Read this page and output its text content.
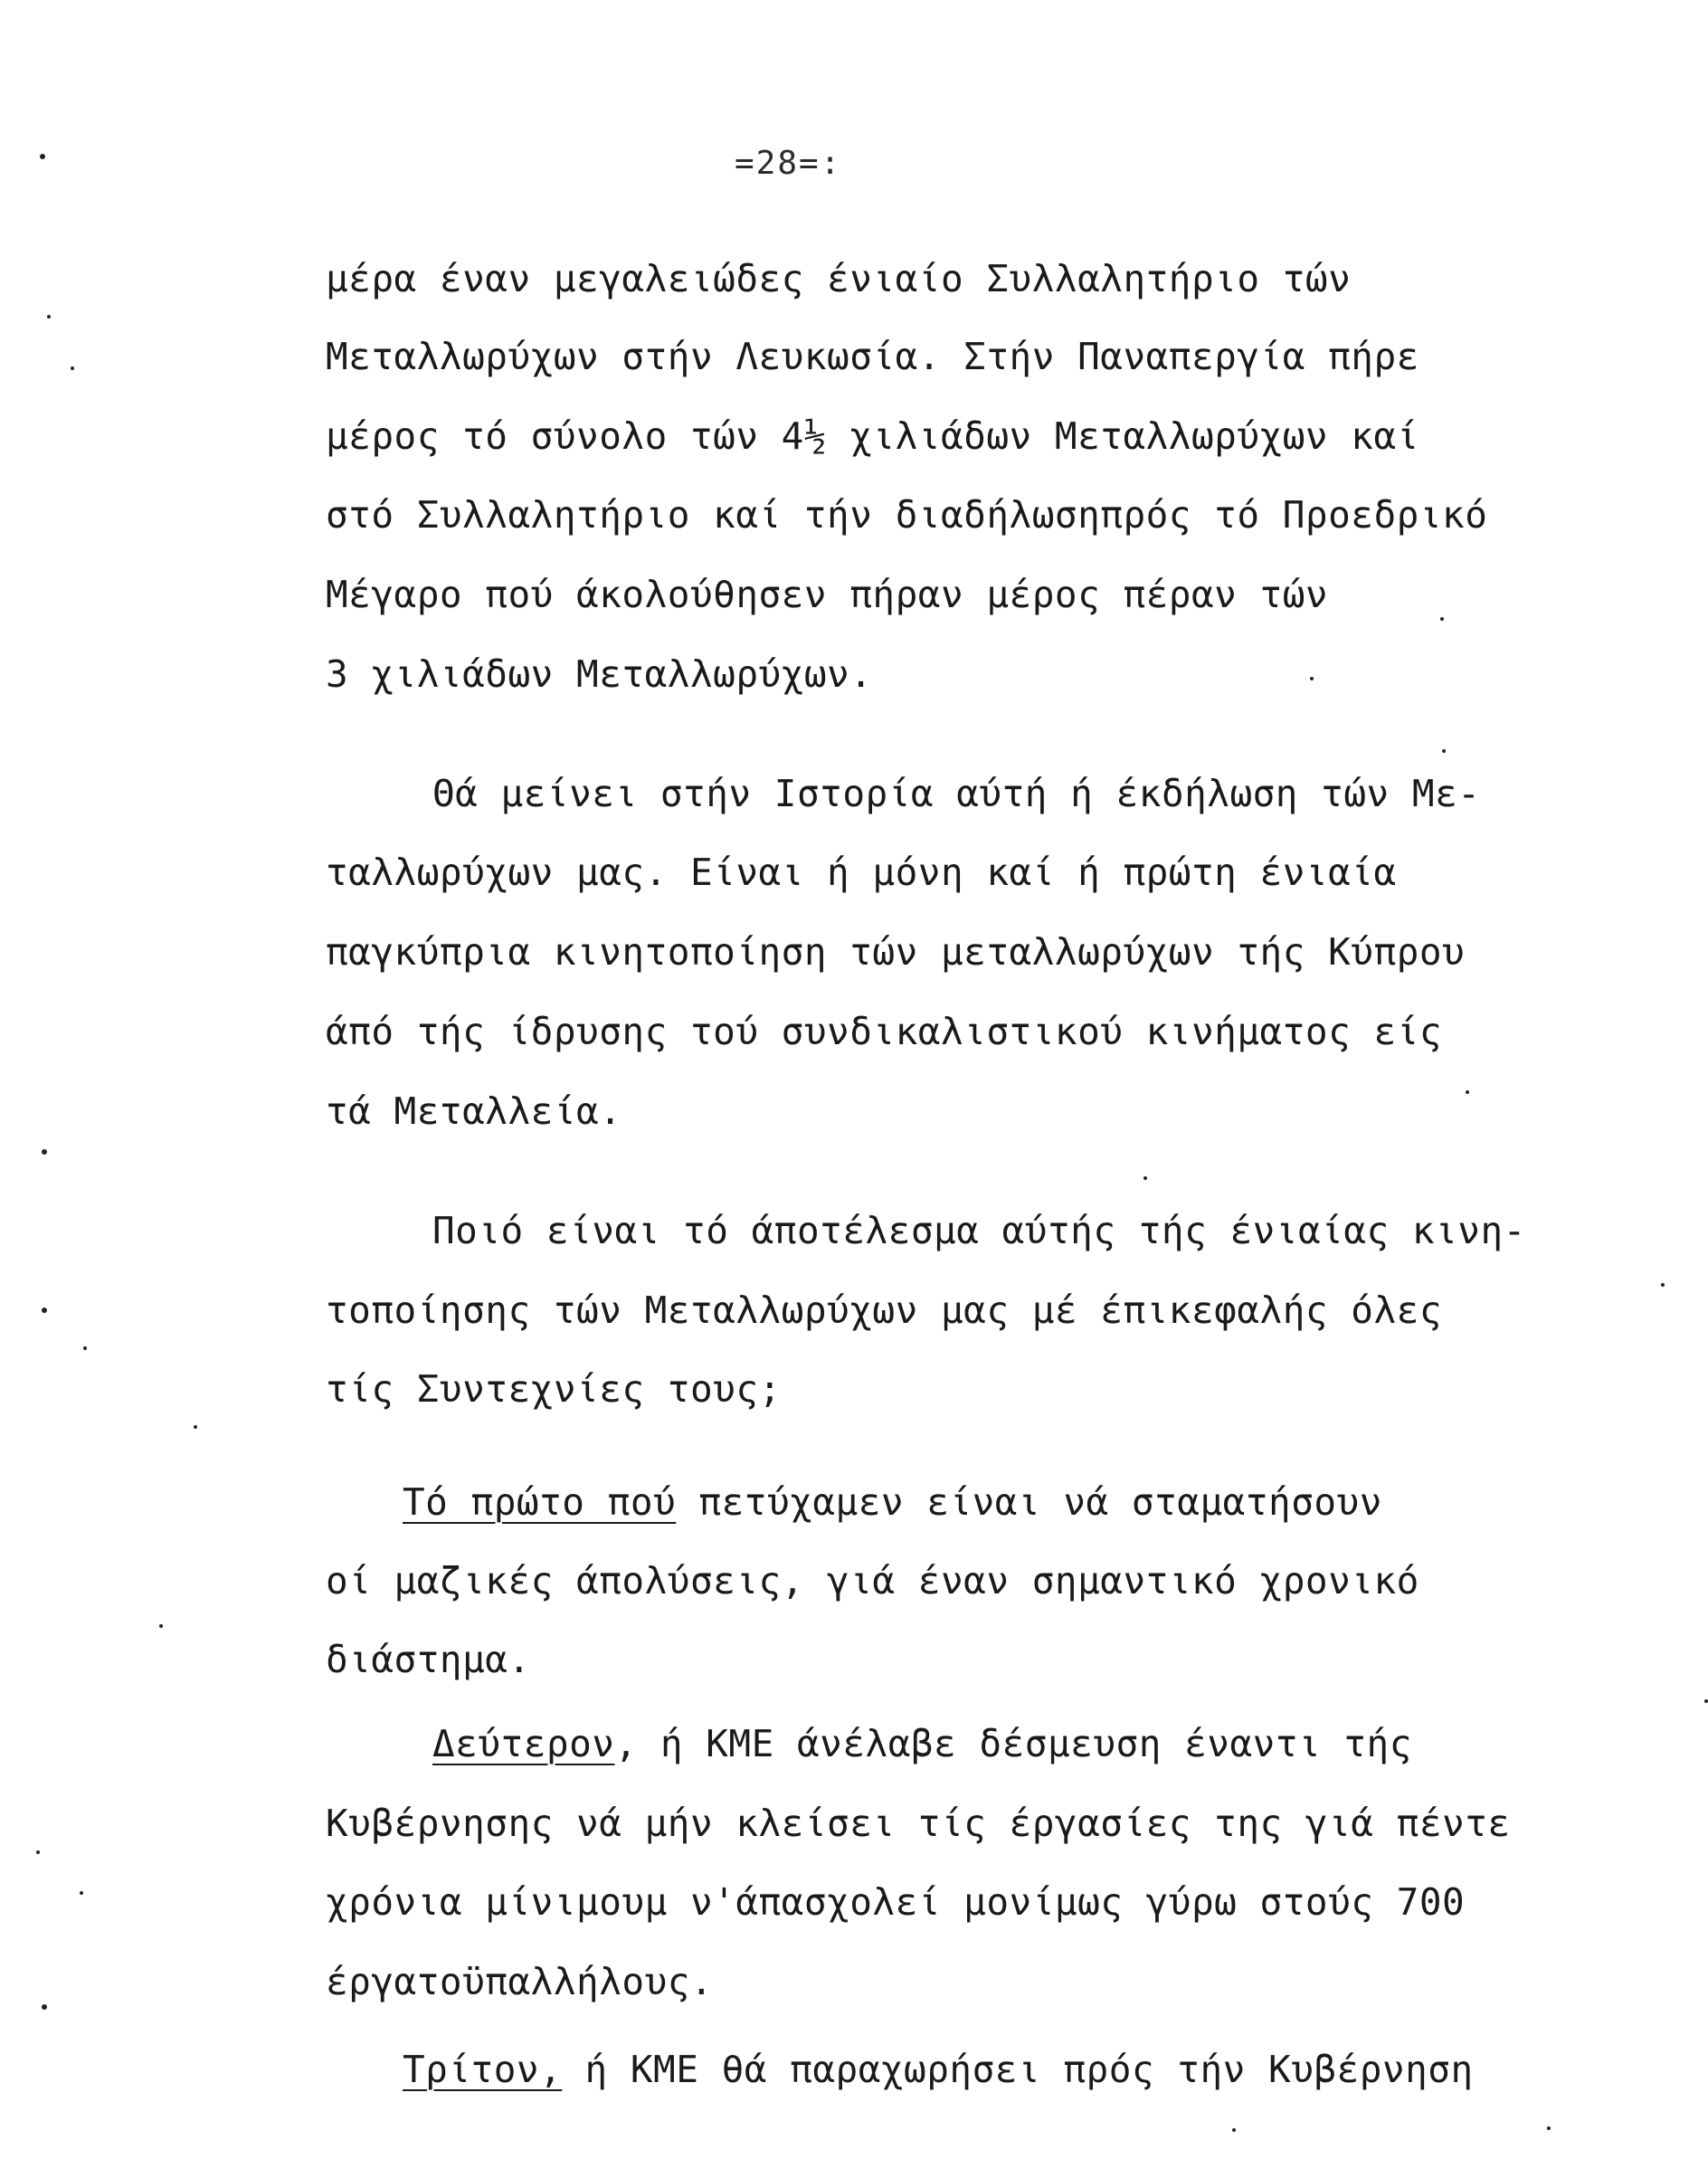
=28=:
μέρα έναν μεγαλειώδες ένιαίο Συλλαλητήριο τών
Μεταλλωρύχων στήν Λευκωσία. Στήν Παναπεργία πήρε
μέρος τό σύνολο τών 4½ χιλιάδων Μεταλλωρύχων καί
στό Συλλαλητήριο καί τήν διαδήλωσηπρός τό Προεδρικό
Μέγαρο πού άκολούθησεν πήραν μέρος πέραν τών
3 χιλιάδων Μεταλλωρύχων.
Θά μείνει στήν Ιστορία αύτή ή έκδήλωση τών Με-
ταλλωρύχων μας. Είναι ή μόνη καί ή πρώτη ένιαία
παγκύπρια κινητοποίηση τών μεταλλωρύχων τής Κύπρου
άπό τής ίδρυσης τού συνδικαλιστικού κινήματος είς
τά Μεταλλεία.
Ποιό είναι τό άποτέλεσμα αύτής τής ένιαίας κινη-
τοποίησης τών Μεταλλωρύχων μας μέ έπικεφαλής όλες
τίς Συντεχνίες τους;
Τό πρώτο πού πετύχαμεν είναι νά σταματήσουν
οί μαζικές άπολύσεις, γιά έναν σημαντικό χρονικό
διάστημα.
Δεύτερον, ή ΚΜΕ άνέλαβε δέσμευση έναντι τής
Κυβέρνησης νά μήν κλείσει τίς έργασίες της γιά πέντε
χρόνια μίνιμουμ ν'άπασχολεί μονίμως γύρω στούς 700
έργατοϋπαλλήλους.
Τρίτον, ή ΚΜΕ θά παραχωρήσει πρός τήν Κυβέρνηση
